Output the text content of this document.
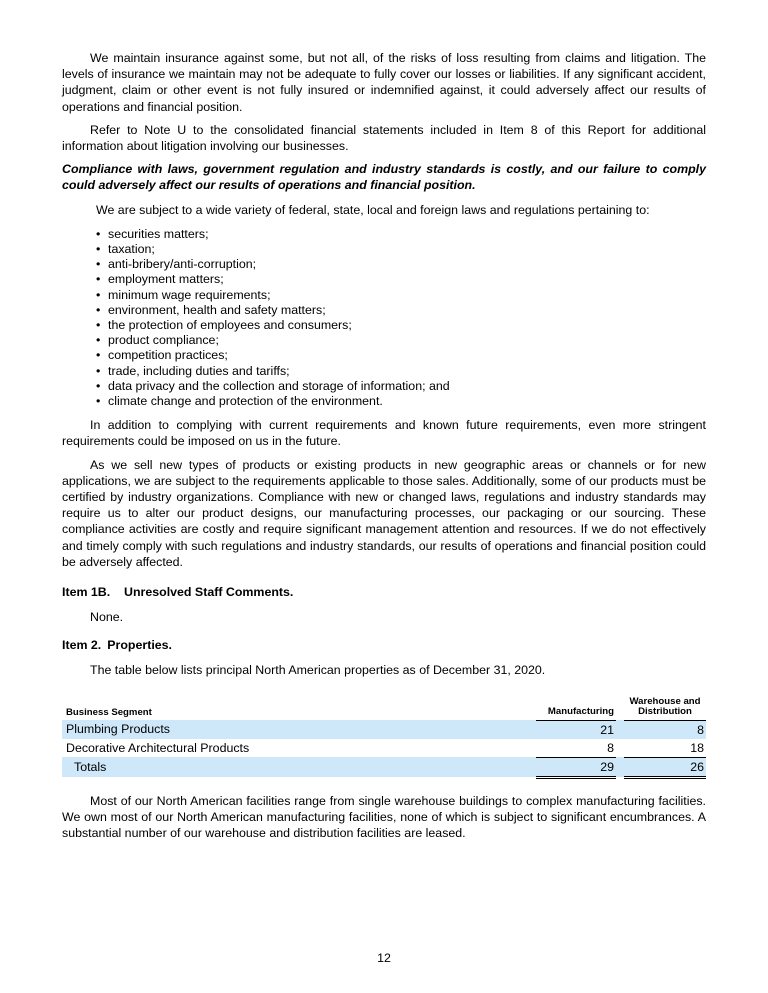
We maintain insurance against some, but not all, of the risks of loss resulting from claims and litigation. The levels of insurance we maintain may not be adequate to fully cover our losses or liabilities. If any significant accident, judgment, claim or other event is not fully insured or indemnified against, it could adversely affect our results of operations and financial position.

Refer to Note U to the consolidated financial statements included in Item 8 of this Report for additional information about litigation involving our businesses.

Compliance with laws, government regulation and industry standards is costly, and our failure to comply could adversely affect our results of operations and financial position.

We are subject to a wide variety of federal, state, local and foreign laws and regulations pertaining to:

• securities matters;
• taxation;
• anti-bribery/anti-corruption;
• employment matters;
• minimum wage requirements;
• environment, health and safety matters;
• the protection of employees and consumers;
• product compliance;
• competition practices;
• trade, including duties and tariffs;
• data privacy and the collection and storage of information; and
• climate change and protection of the environment.

In addition to complying with current requirements and known future requirements, even more stringent requirements could be imposed on us in the future.

As we sell new types of products or existing products in new geographic areas or channels or for new applications, we are subject to the requirements applicable to those sales. Additionally, some of our products must be certified by industry organizations. Compliance with new or changed laws, regulations and industry standards may require us to alter our product designs, our manufacturing processes, our packaging or our sourcing. These compliance activities are costly and require significant management attention and resources. If we do not effectively and timely comply with such regulations and industry standards, our results of operations and financial position could be adversely affected.

Item 1B. Unresolved Staff Comments.

None.

Item 2. Properties.

The table below lists principal North American properties as of December 31, 2020.

Business Segment	Manufacturing		Warehouse and
Distribution
Plumbing Products	21		8
Decorative Architectural Products	8		18
Totals	29		26

Most of our North American facilities range from single warehouse buildings to complex manufacturing facilities. We own most of our North American manufacturing facilities, none of which is subject to significant encumbrances. A substantial number of our warehouse and distribution facilities are leased.

12
